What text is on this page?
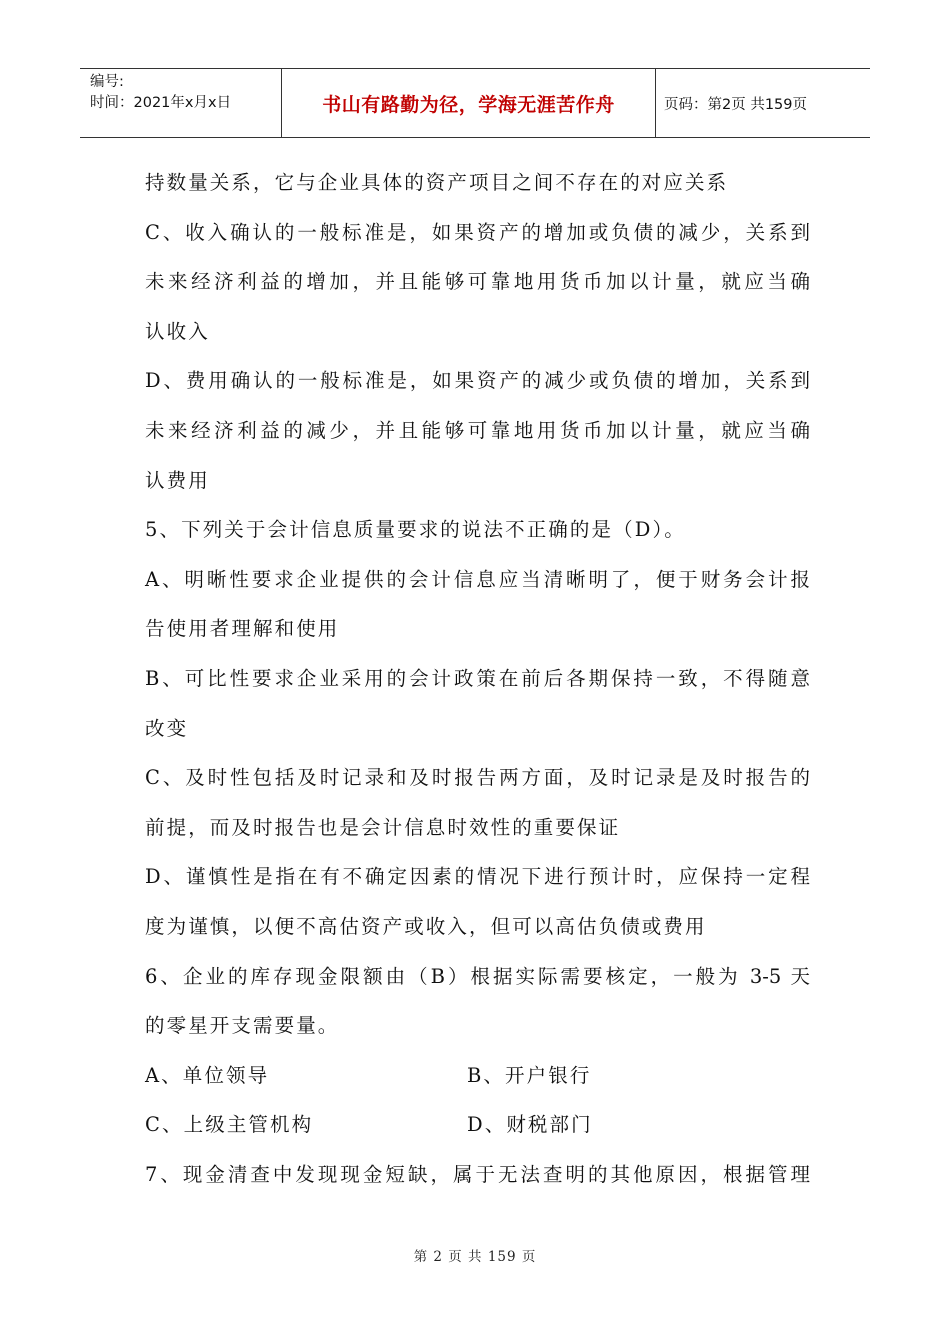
编号:
时间：2021年x月x日	书山有路勤为径，学海无涯苦作舟	页码：第2页 共159页
持数量关系，它与企业具体的资产项目之间不存在的对应关系
C、收入确认的一般标准是，如果资产的增加或负债的减少，关系到
未来经济利益的增加，并且能够可靠地用货币加以计量，就应当确
认收入
D、费用确认的一般标准是，如果资产的减少或负债的增加，关系到
未来经济利益的减少，并且能够可靠地用货币加以计量，就应当确
认费用
5、下列关于会计信息质量要求的说法不正确的是（D）。
A、明晰性要求企业提供的会计信息应当清晰明了，便于财务会计报
告使用者理解和使用
B、可比性要求企业采用的会计政策在前后各期保持一致，不得随意
改变
C、及时性包括及时记录和及时报告两方面，及时记录是及时报告的
前提，而及时报告也是会计信息时效性的重要保证
D、谨慎性是指在有不确定因素的情况下进行预计时，应保持一定程
度为谨慎，以便不高估资产或收入，但可以高估负债或费用
6、企业的库存现金限额由（B）根据实际需要核定，一般为 3-5 天
的零星开支需要量。
A、单位领导	B、开户银行
C、上级主管机构	D、财税部门
7、现金清查中发现现金短缺，属于无法查明的其他原因，根据管理
第 2 页 共 159 页
